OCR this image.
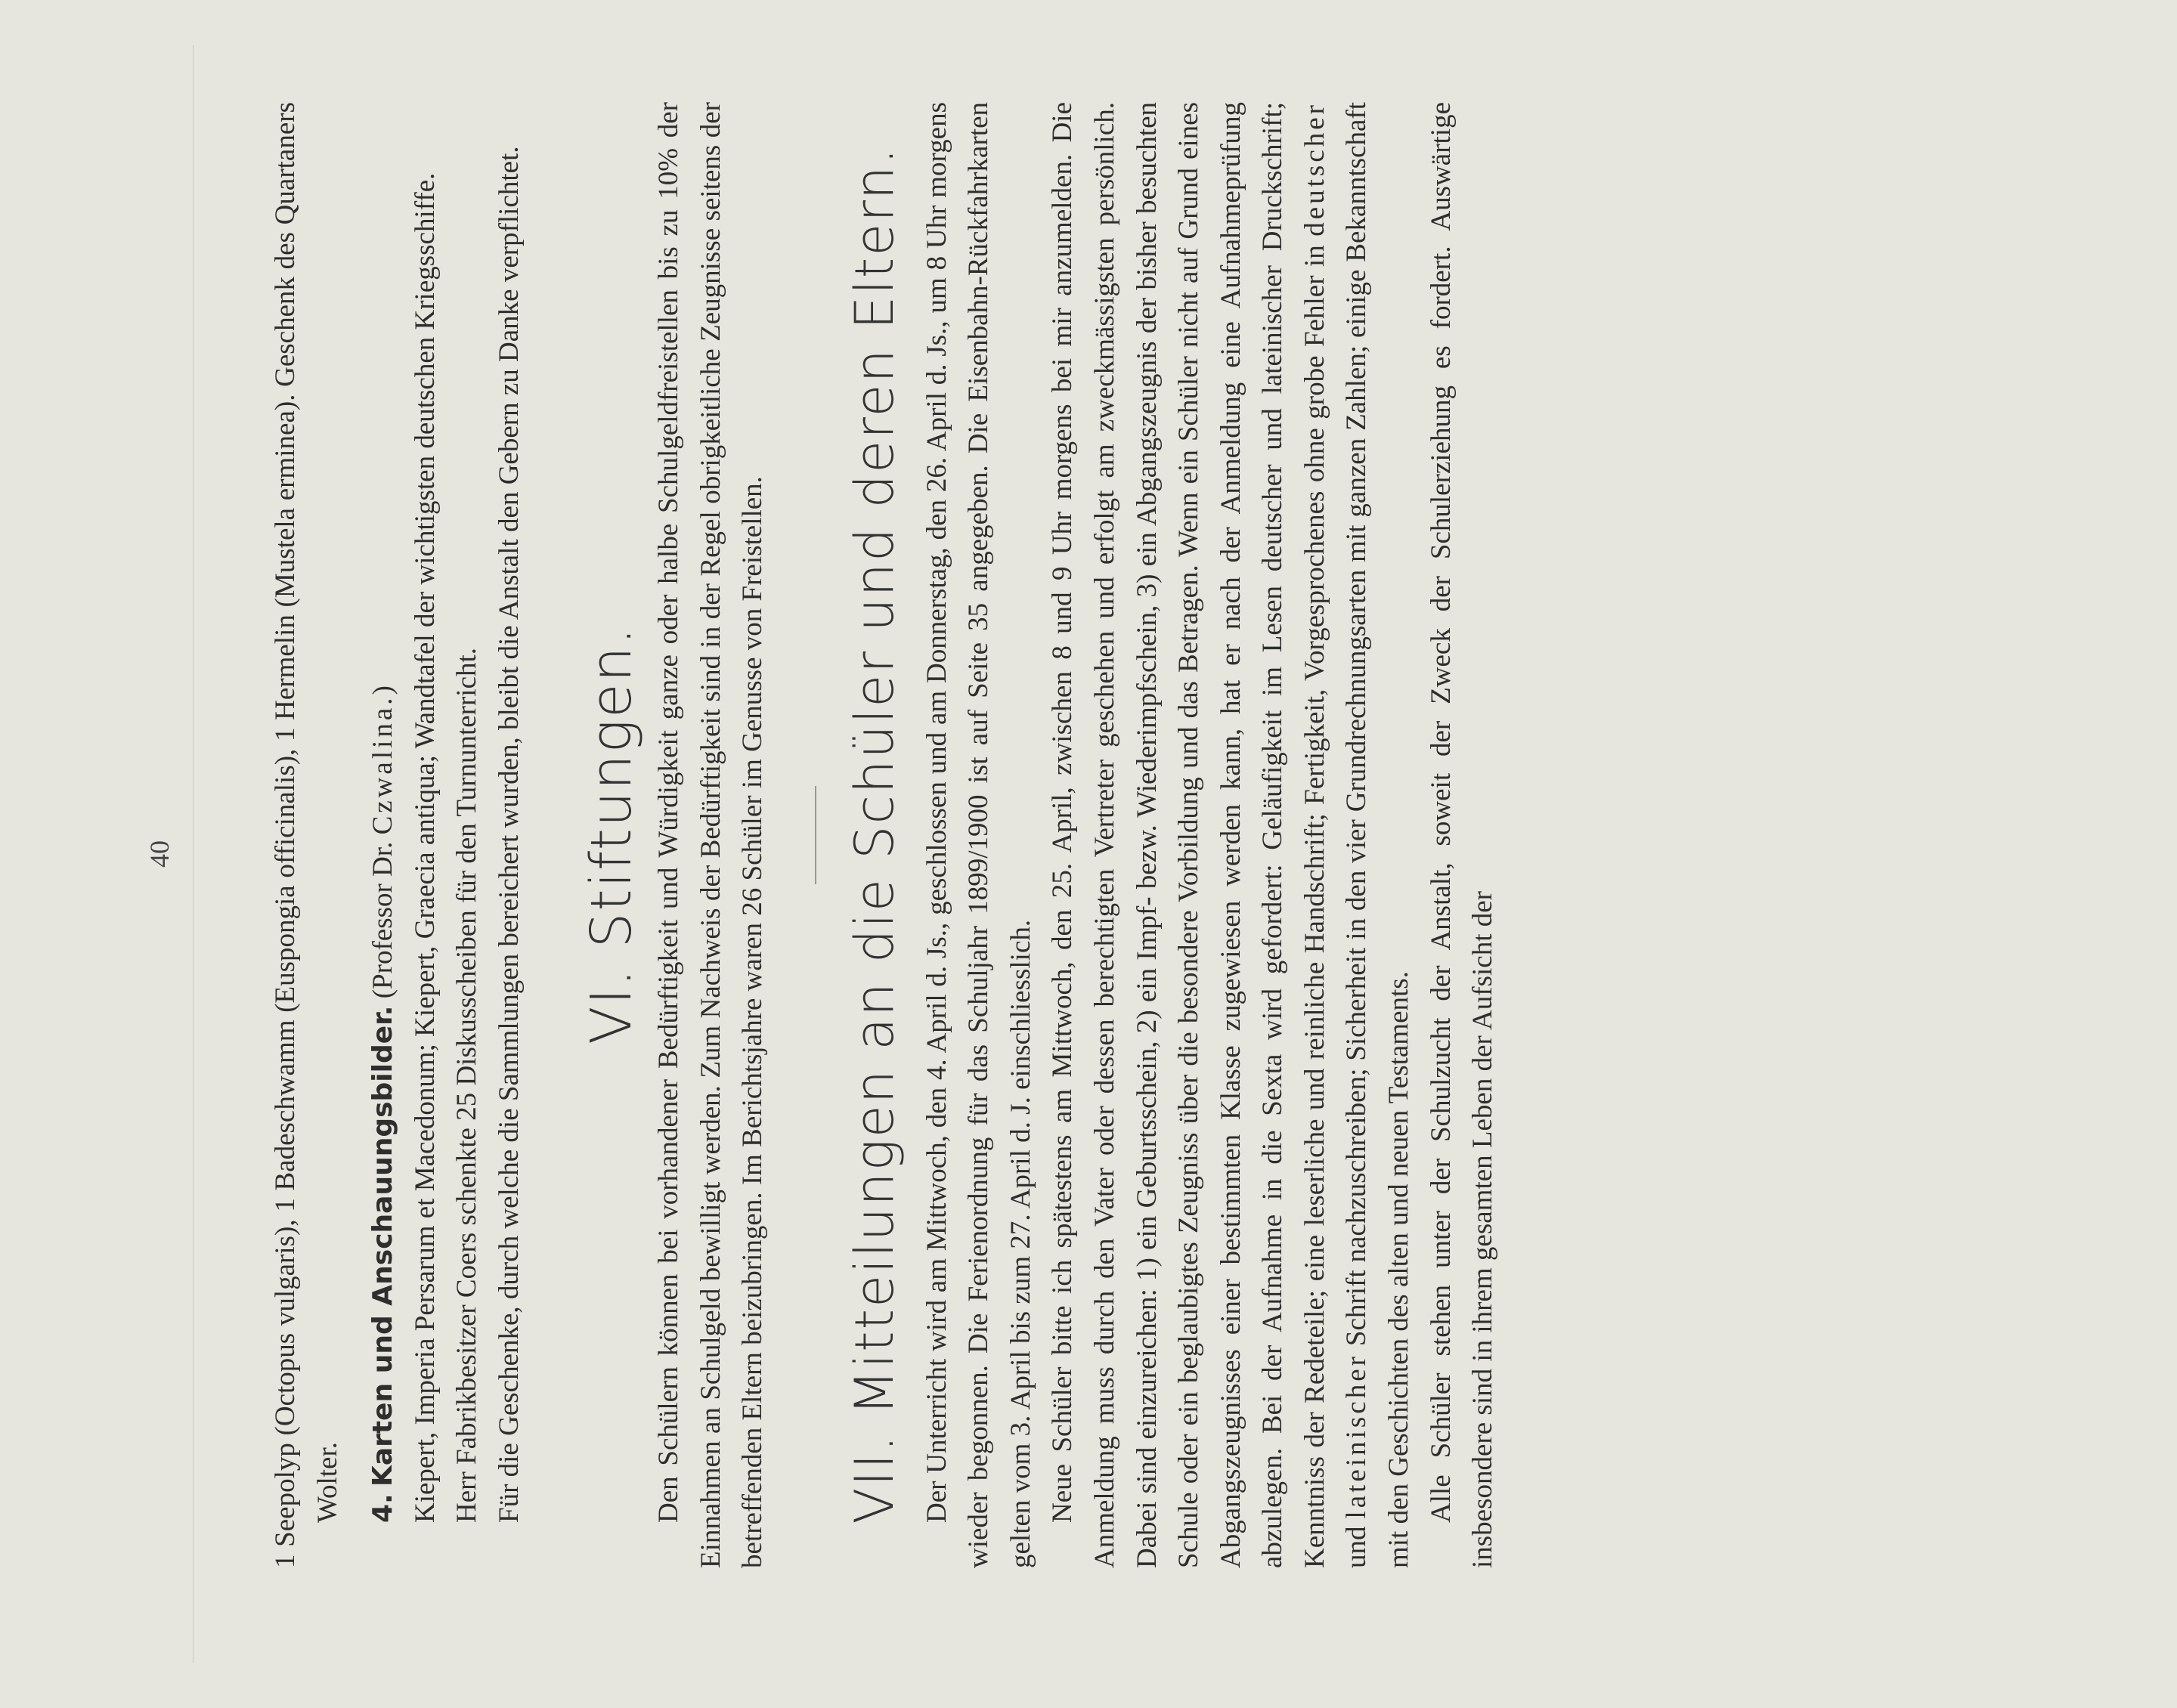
40	1 Seepolyp (Octopus vulgaris), 1 Badeschwamm (Euspongia officinalis), 1 Hermelin (Mustela erminea). Geschenk des Quartaners Wolter. 4. Karten und Anschauungsbilder. (Professor Dr. Czwalina.) Kiepert, Imperia Persarum et Macedonum; Kiepert, Graecia antiqua; Wandtafel der wichtigsten deutschen Kriegsschiffe. Herr Fabrikbesitzer Coers schenkte 25 Diskusscheiben für den Turnunterricht. Für die Geschenke, durch welche die Sammlungen bereichert wurden, bleibt die Anstalt den Gebern zu Danke verpflichtet. VI. Stiftungen. Den Schülern können bei vorhandener Bedürftigkeit und Würdigkeit ganze oder halbe Schulgeldfreistellen bis zu 10% der Einnahmen an Schulgeld bewilligt werden. Zum Nachweis der Bedürftigkeit sind in der Regel obrigkeitliche Zeugnisse seitens der betreffenden Eltern beizubringen. Im Berichtsjahre waren 26 Schüler im Genusse von Freistellen. VII. Mitteilungen an die Schüler und deren Eltern. Der Unterricht wird am Mittwoch, den 4. April d. Js., geschlossen und am Donnerstag, den 26. April d. Js., um 8 Uhr morgens wieder begonnen. Die Ferienordnung für das Schuljahr 1899/1900 ist auf Seite 35 angegeben. Die Eisenbahn-Rückfahrkarten gelten vom 3. April bis zum 27. April d. J. einschliesslich. Neue Schüler bitte ich spätestens am Mittwoch, den 25. April, zwischen 8 und 9 Uhr morgens bei mir anzumelden. Die Anmeldung muss durch den Vater oder dessen berechtigten Vertreter geschehen und erfolgt am zweckmässigsten persönlich. Dabei sind einzureichen: 1) ein Geburtsschein, 2) ein Impf- bezw. Wiederimpfschein, 3) ein Abgangszeugnis der bisher besuchten Schule oder ein beglaubigtes Zeugniss über die besondere Vorbildung und das Betragen. Wenn ein Schüler nicht auf Grund eines Abgangszeugnisses einer bestimmten Klasse zugewiesen werden kann, hat er nach der Anmeldung eine Aufnahmeprüfung abzulegen. Bei der Aufnahme in die Sexta wird gefordert: Geläufigkeit im Lesen deutscher und lateinischer Druckschrift; Kenntniss der Redeteile; eine leserliche und reinliche Handschrift; Fertigkeit, Vorgesprochenes ohne grobe Fehler in deutscher und lateinischer Schrift nachzuschreiben; Sicherheit in den vier Grundrechnungsarten mit ganzen Zahlen; einige Bekanntschaft mit den Geschichten des alten und neuen Testaments. Alle Schüler stehen unter der Schulzucht der Anstalt, soweit der Zweck der Schulerziehung es fordert. Auswärtige insbesondere sind in ihrem gesamten Leben der Aufsicht der
